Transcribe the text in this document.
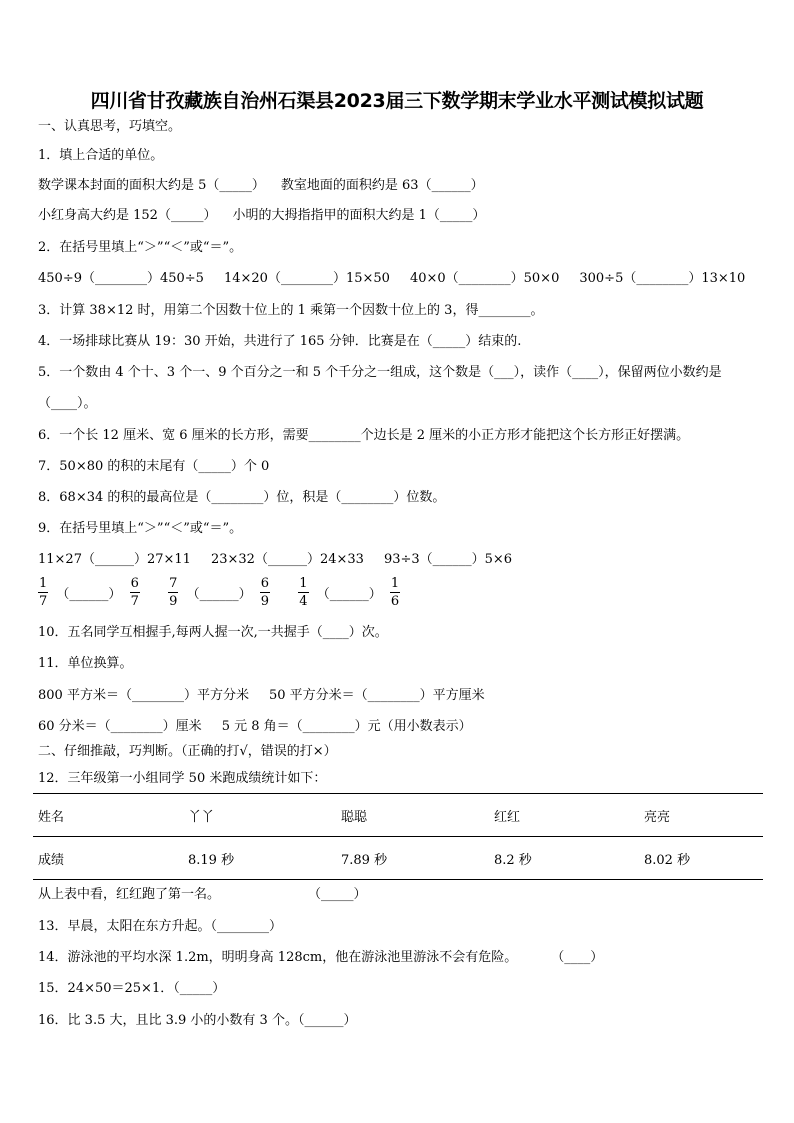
四川省甘孜藏族自治州石渠县2023届三下数学期末学业水平测试模拟试题
一、认真思考，巧填空。
1．填上合适的单位。
数学课本封面的面积大约是 5（_____） 教室地面的面积约是 63（______）
小红身高大约是 152（_____） 小明的大拇指指甲的面积大约是 1（_____）
2．在括号里填上“＞”“＜”或“＝”。
450÷9（________）450÷5 14×20（________）15×50 40×0（________）50×0 300÷5（________）13×10
3．计算 38×12 时，用第二个因数十位上的 1 乘第一个因数十位上的 3，得________。
4．一场排球比赛从 19：30 开始，共进行了 165 分钟．比赛是在（_____）结束的.
5．一个数由 4 个十、3 个一、9 个百分之一和 5 个千分之一组成，这个数是（___），读作（____），保留两位小数约是
（____）。
6．一个长 12 厘米、宽 6 厘米的长方形，需要________个边长是 2 厘米的小正方形才能把这个长方形正好摆满。
7．50×80 的积的末尾有（_____）个 0
8．68×34 的积的最高位是（________）位，积是（________）位数。
9．在括号里填上“＞”“＜”或“＝”。
11×27（______）27×11 23×32（______）24×33 93÷3（______）5×6
$\frac{1}{7}$ （______） $\frac{6}{7}$
$\frac{7}{9}$ （______） $\frac{6}{9}$
$\frac{1}{4}$ （______） $\frac{1}{6}$
10．五名同学互相握手,每两人握一次,一共握手（____）次。
11．单位换算。
800 平方米＝（________）平方分米 50 平方分米＝（________）平方厘米
60 分米＝（________）厘米 5 元 8 角＝（________）元（用小数表示）
二、仔细推敲，巧判断。（正确的打√，错误的打×）
12．三年级第一小组同学 50 米跑成绩统计如下：
姓名	丫丫	聪聪	红红	亮亮
成绩	8.19 秒	7.89 秒	8.2 秒	8.02 秒
从上表中看，红红跑了第一名。	（_____）
13．早晨，太阳在东方升起。（________）
14．游泳池的平均水深 1.2m，明明身高 128cm，他在游泳池里游泳不会有危险。	（____）
15．24×50＝25×1．（_____）
16．比 3.5 大，且比 3.9 小的小数有 3 个。（______）
